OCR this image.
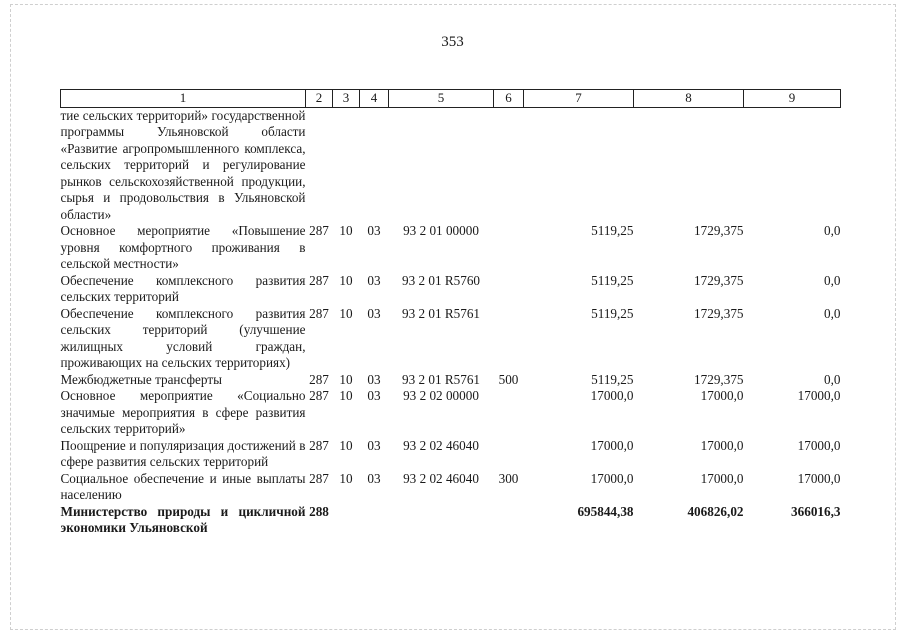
353
1	2	3	4	5	6	7	8	9
тие сельских территорий» государственной программы Ульяновской области «Развитие агропромышленного комплекса, сельских территорий и регулирование рынков сельскохозяйственной продукции, сырья и продовольствия в Ульяновской области»								
Основное мероприятие «Повышение уровня комфортного проживания в сельской местности»	287	10	03	93 2 01 00000		5119,25	1729,375	0,0
Обеспечение комплексного развития сельских территорий	287	10	03	93 2 01 R5760		5119,25	1729,375	0,0
Обеспечение комплексного развития сельских территорий (улучшение жилищных условий граждан, проживающих на сельских территориях)	287	10	03	93 2 01 R5761		5119,25	1729,375	0,0
Межбюджетные трансферты	287	10	03	93 2 01 R5761	500	5119,25	1729,375	0,0
Основное мероприятие «Социально значимые мероприятия в сфере развития сельских территорий»	287	10	03	93 2 02 00000		17000,0	17000,0	17000,0
Поощрение и популяризация достижений в сфере развития сельских территорий	287	10	03	93 2 02 46040		17000,0	17000,0	17000,0
Социальное обеспечение и иные выплаты населению	287	10	03	93 2 02 46040	300	17000,0	17000,0	17000,0
Министерство природы и цикличной экономики Ульяновской	288					695844,38	406826,02	366016,3
